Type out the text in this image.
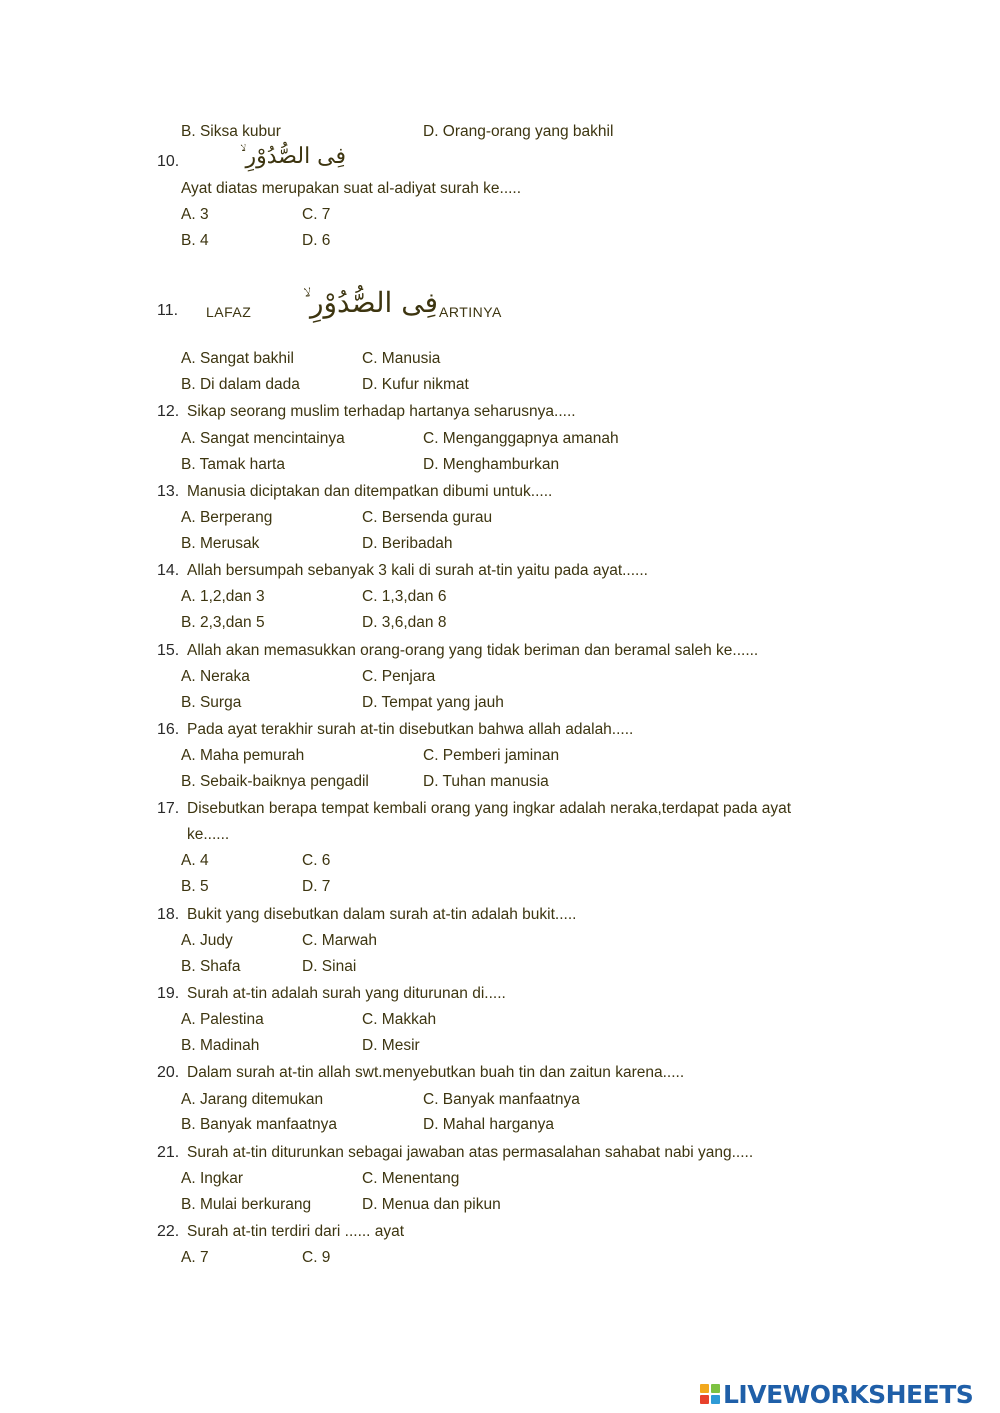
B. Siksa kubur	D. Orang-orang yang bakhil
10.	فِى الصُّدُوْرِ ۙ
Ayat diatas merupakan suat al-adiyat surah ke.....
A. 3	C. 7
B. 4	D. 6
11. LAFAZ فِى الصُّدُوْرِ ۙ ARTINYA
A. Sangat bakhil	C. Manusia
B. Di dalam dada	D. Kufur nikmat
12. Sikap seorang muslim terhadap hartanya seharusnya.....
A. Sangat mencintainya	C. Menganggapnya amanah
B. Tamak harta	D. Menghamburkan
13. Manusia diciptakan dan ditempatkan dibumi untuk.....
A. Berperang	C. Bersenda gurau
B. Merusak	D. Beribadah
14. Allah bersumpah sebanyak 3 kali di surah at-tin yaitu pada ayat......
A. 1,2,dan 3	C. 1,3,dan 6
B. 2,3,dan 5	D. 3,6,dan 8
15. Allah akan memasukkan orang-orang yang tidak beriman dan beramal saleh ke......
A. Neraka	C. Penjara
B. Surga	D. Tempat yang jauh
16. Pada ayat terakhir surah at-tin disebutkan bahwa allah adalah.....
A. Maha pemurah	C. Pemberi jaminan
B. Sebaik-baiknya pengadil	D. Tuhan manusia
17. Disebutkan berapa tempat kembali orang yang ingkar adalah neraka,terdapat pada ayat
ke......
A. 4	C. 6
B. 5	D. 7
18. Bukit yang disebutkan dalam surah at-tin adalah bukit.....
A. Judy	C. Marwah
B. Shafa	D. Sinai
19. Surah at-tin adalah surah yang diturunan di.....
A. Palestina	C. Makkah
B. Madinah	D. Mesir
20. Dalam surah at-tin allah swt.menyebutkan buah tin dan zaitun karena.....
A. Jarang ditemukan	C. Banyak manfaatnya
B. Banyak manfaatnya	D. Mahal harganya
21. Surah at-tin diturunkan sebagai jawaban atas permasalahan sahabat nabi yang.....
A. Ingkar	C. Menentang
B. Mulai berkurang	D. Menua dan pikun
22. Surah at-tin terdiri dari ...... ayat
A. 7	C. 9
LIVEWORKSHEETS
